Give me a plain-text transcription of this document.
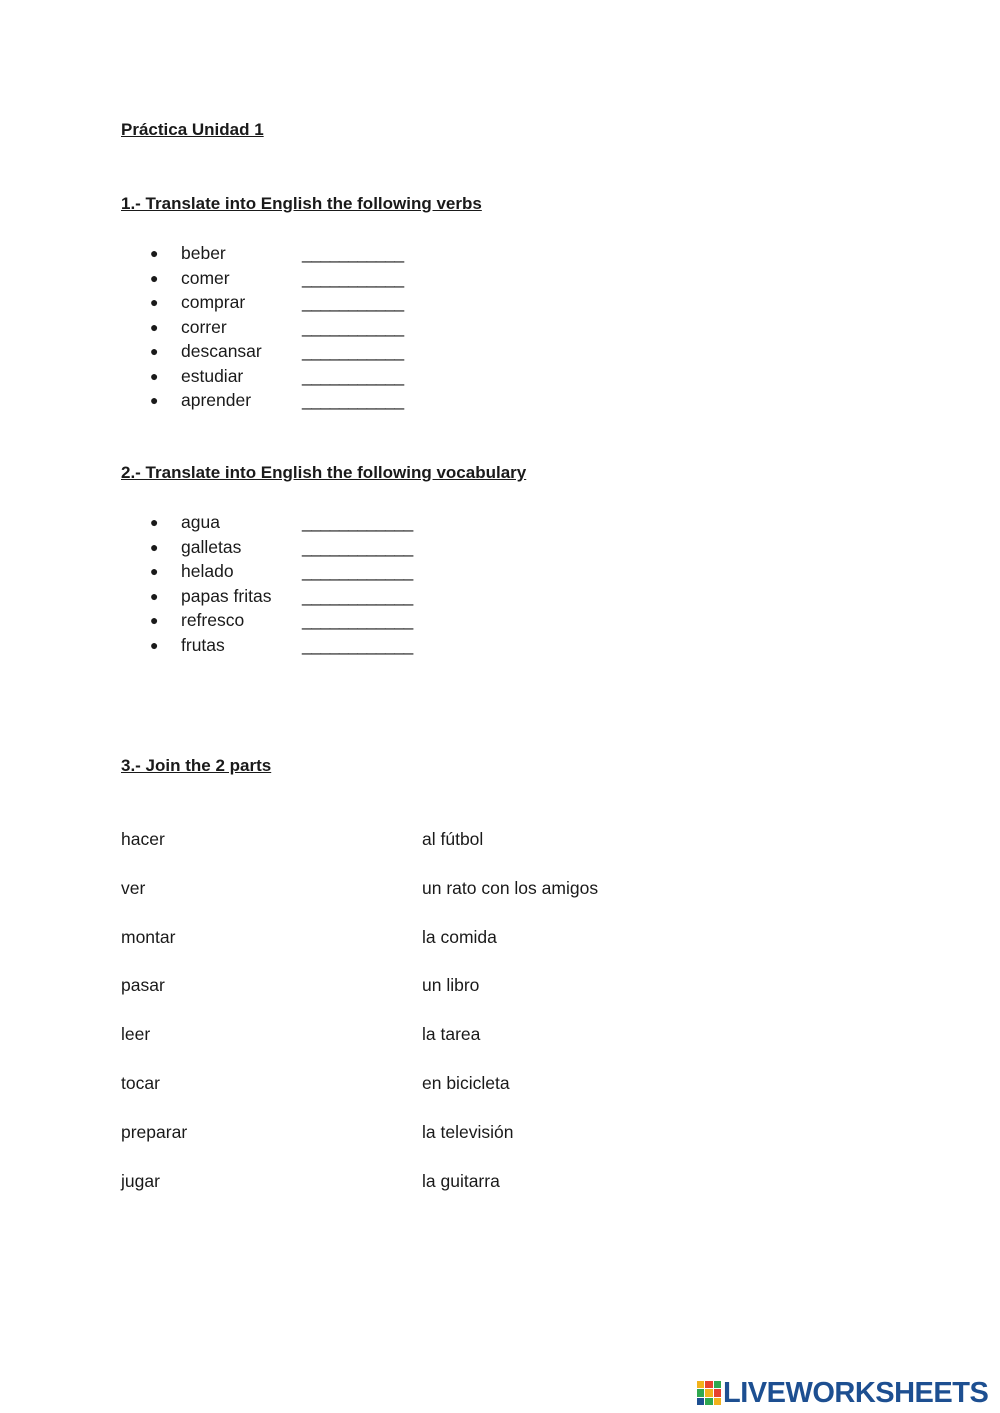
Práctica Unidad 1
1.- Translate into English the following verbs
● beber	___________
● comer	___________
● comprar	___________
● correr	___________
● descansar ___________
● estudiar	___________
● aprender	___________
2.- Translate into English the following vocabulary
● agua	____________
● galletas	____________
● helado	____________
● papas fritas ____________
● refresco	____________
● frutas	____________
3.- Join the 2 parts
hacer	al fútbol
ver	un rato con los amigos
montar	la comida
pasar	un libro
leer	la tarea
tocar	en bicicleta
preparar	la televisión
jugar	la guitarra
LIVEWORKSHEETS
